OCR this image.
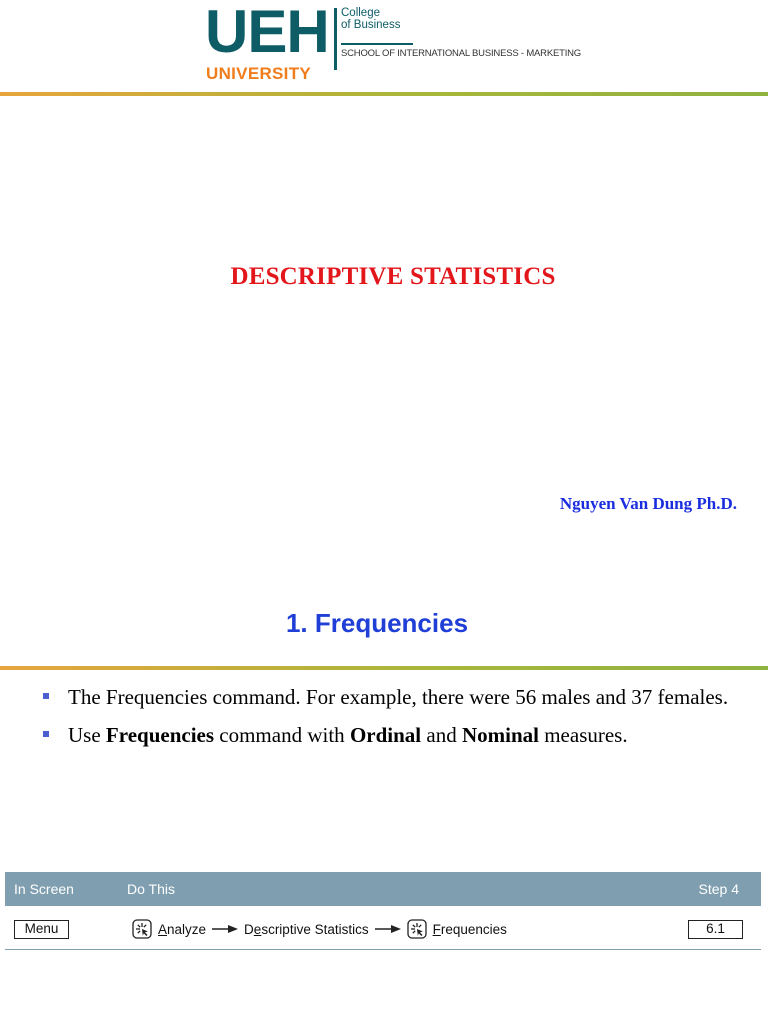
UEH
UNIVERSITY
College
of Business
SCHOOL OF INTERNATIONAL BUSINESS - MARKETING
DESCRIPTIVE STATISTICS
Nguyen Van Dung Ph.D.
1. Frequencies
The Frequencies command. For example, there were 56 males and 37 females.
Use Frequencies command with Ordinal and Nominal measures.
In Screen	Do This	Step 4
Menu	Analyze	Descriptive Statistics	Frequencies	6.1
